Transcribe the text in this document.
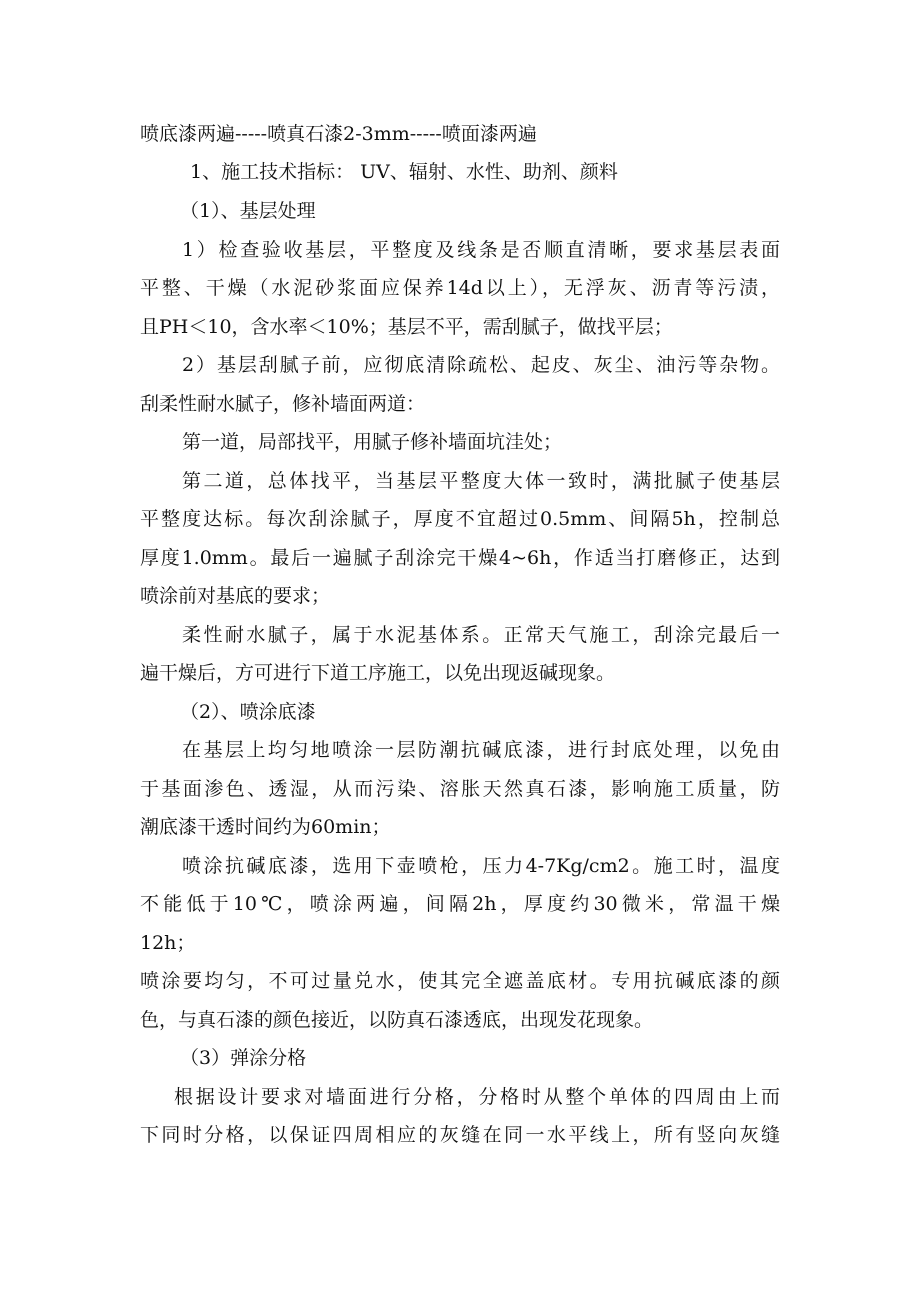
喷底漆两遍-----喷真石漆2-3mm-----喷面漆两遍
1、施工技术指标： UV、辐射、水性、助剂、颜料
（1）、基层处理
1）检查验收基层，平整度及线条是否顺直清晰，要求基层表面
平整、干燥（水泥砂浆面应保养14d以上），无浮灰、沥青等污渍，
且PH＜10，含水率＜10%；基层不平，需刮腻子，做找平层；
2）基层刮腻子前，应彻底清除疏松、起皮、灰尘、油污等杂物。
刮柔性耐水腻子，修补墙面两道：
第一道，局部找平，用腻子修补墙面坑洼处；
第二道，总体找平，当基层平整度大体一致时，满批腻子使基层
平整度达标。每次刮涂腻子，厚度不宜超过0.5mm、间隔5h，控制总
厚度1.0mm。最后一遍腻子刮涂完干燥4~6h，作适当打磨修正，达到
喷涂前对基底的要求；
柔性耐水腻子，属于水泥基体系。正常天气施工，刮涂完最后一
遍干燥后，方可进行下道工序施工，以免出现返碱现象。
（2）、喷涂底漆
在基层上均匀地喷涂一层防潮抗碱底漆，进行封底处理，以免由
于基面渗色、透湿，从而污染、溶胀天然真石漆，影响施工质量，防
潮底漆干透时间约为60min；
喷涂抗碱底漆，选用下壶喷枪，压力4-7Kg/cm2。施工时，温度
不能低于10℃，喷涂两遍，间隔2h，厚度约30微米，常温干燥
12h；
喷涂要均匀，不可过量兑水，使其完全遮盖底材。专用抗碱底漆的颜
色，与真石漆的颜色接近，以防真石漆透底，出现发花现象。
（3）弹涂分格
根据设计要求对墙面进行分格，分格时从整个单体的四周由上而
下同时分格，以保证四周相应的灰缝在同一水平线上，所有竖向灰缝
